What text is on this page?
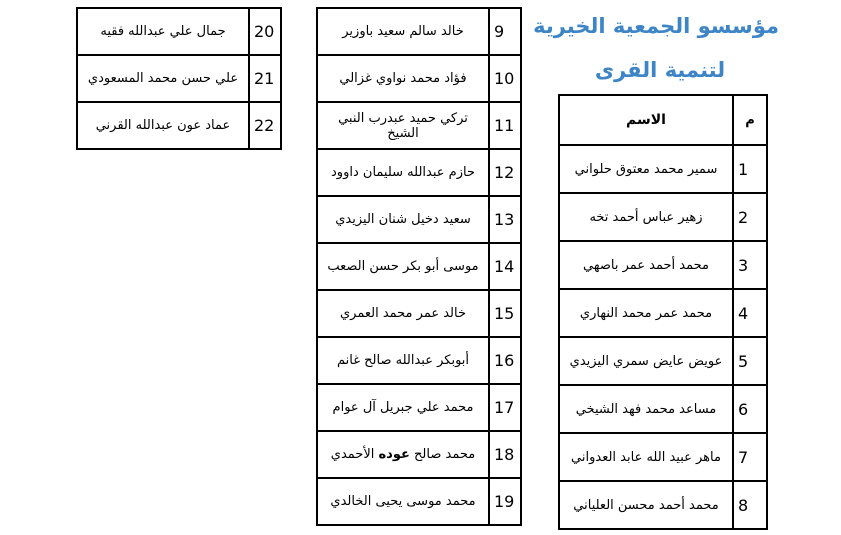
مؤسسو الجمعية الخيرية
لتنمية القرى
م	الاسم
1	سمير محمد معتوق حلواني
2	زهير عباس أحمد تخه
3	محمد أحمد عمر باصهي
4	محمد عمر محمد النهاري
5	عويض عايض سمري اليزيدي
6	مساعد محمد فهد الشيخي
7	ماهر عبيد الله عابد العدواني
8	محمد أحمد محسن العلياني
9	خالد سالم سعيد باوزير
10	فؤاد محمد نواوي غزالي
11	تركي حميد عبدرب النبي الشيخ
12	حازم عبدالله سليمان داوود
13	سعيد دخيل شنان اليزيدي
14	موسى أبو بكر حسن الصعب
15	خالد عمر محمد العمري
16	أبوبكر عبدالله صالح غانم
17	محمد علي جبريل آل عوام
18	محمد صالح عوده الأحمدي
19	محمد موسى يحيى الخالدي
20	جمال علي عبدالله فقيه
21	علي حسن محمد المسعودي
22	عماد عون عبدالله القرني
